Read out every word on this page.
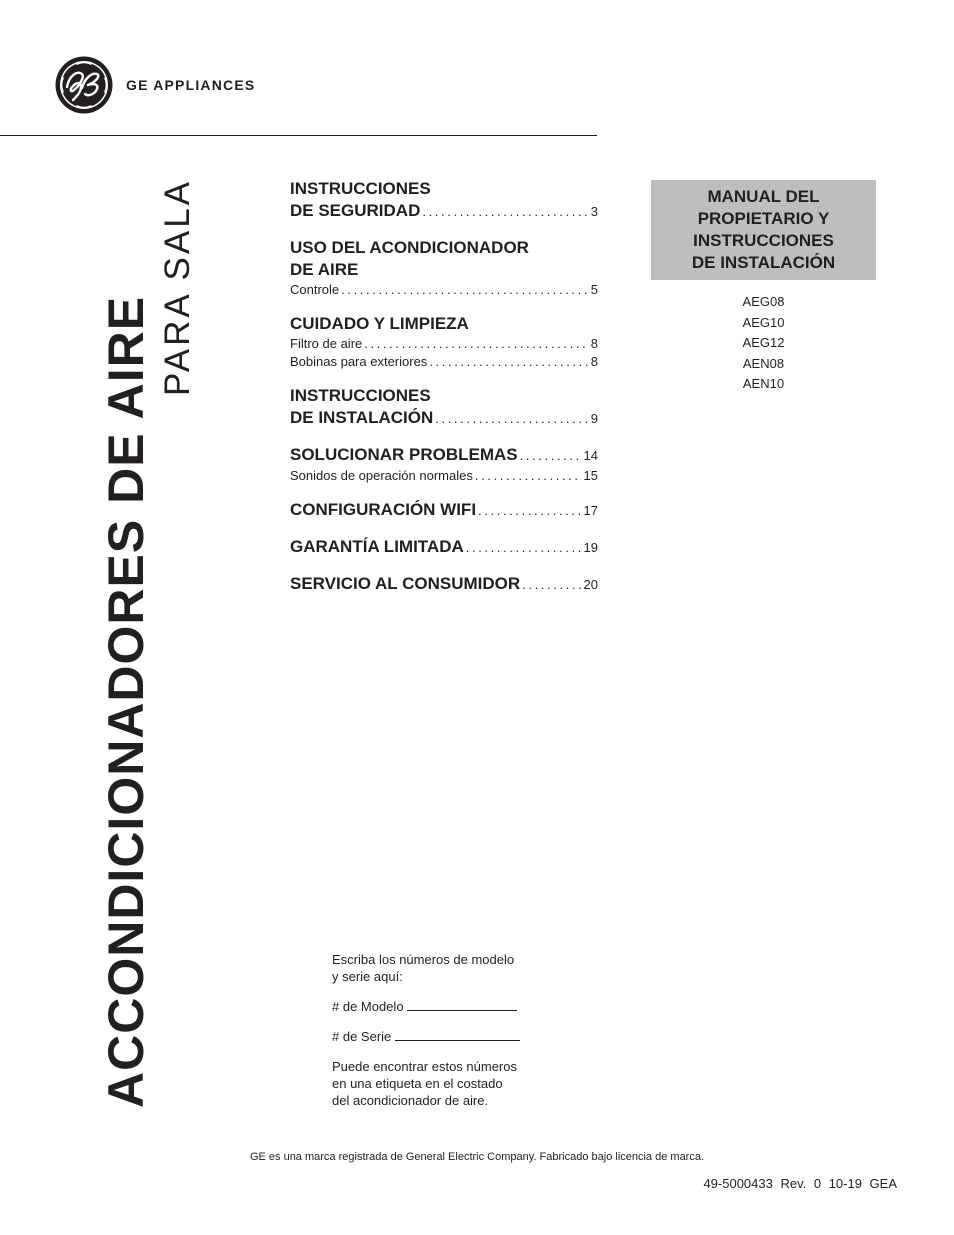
GE APPLIANCES
ACCONDICIONADORES DE AIRE
PARA SALA	INSTRUCCIONES
DE SEGURIDAD . . .	3
USO DEL ACONDICIONADOR
DE AIRE
Controle . . .	5
CUIDADO Y LIMPIEZA
Filtro de aire . . .	8
Bobinas para exteriores . . .	8
INSTRUCCIONES
DE INSTALACIÓN . . .	9
SOLUCIONAR PROBLEMAS . . .	14
Sonidos de operación normales . . .	15
CONFIGURACIÓN WIFI . . .	17
GARANTÍA LIMITADA . . .	19
SERVICIO AL CONSUMIDOR . . .	20
MANUAL DEL
PROPIETARIO Y
INSTRUCCIONES
DE INSTALACIÓN
AEG08
AEG10
AEG12
AEN08
AEN10

Escriba los números de modelo
y serie aquí:

# de Modelo

# de Serie

Puede encontrar estos números
en una etiqueta en el costado
del acondicionador de aire.

GE es una marca registrada de General Electric Company. Fabricado bajo licencia de marca.
49-5000433 Rev. 0 10-19 GEA
